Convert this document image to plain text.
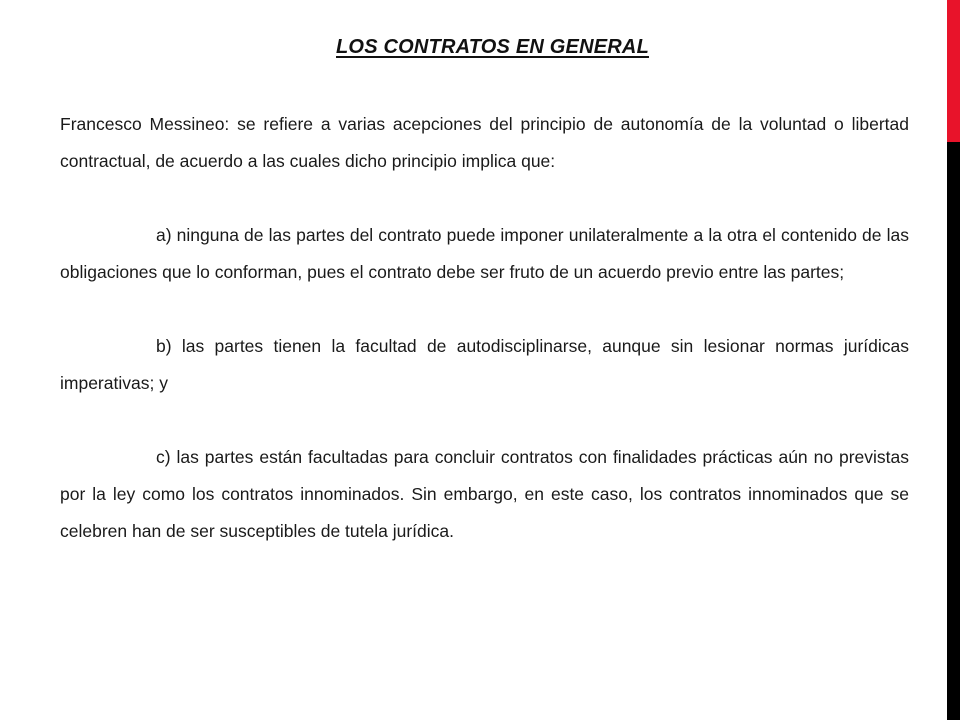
LOS CONTRATOS EN GENERAL

Francesco Messineo: se refiere a varias acepciones del principio de autonomía de la voluntad o libertad contractual, de acuerdo a las cuales dicho principio implica que:

a) ninguna de las partes del contrato puede imponer unilateralmente a la otra el contenido de las obligaciones que lo conforman, pues el contrato debe ser fruto de un acuerdo previo entre las partes;

b) las partes tienen la facultad de autodisciplinarse, aunque sin lesionar normas jurídicas imperativas; y

c) las partes están facultadas para concluir contratos con finalidades prácticas aún no previstas por la ley como los contratos innominados. Sin embargo, en este caso, los contratos innominados que se celebren han de ser susceptibles de tutela jurídica.
